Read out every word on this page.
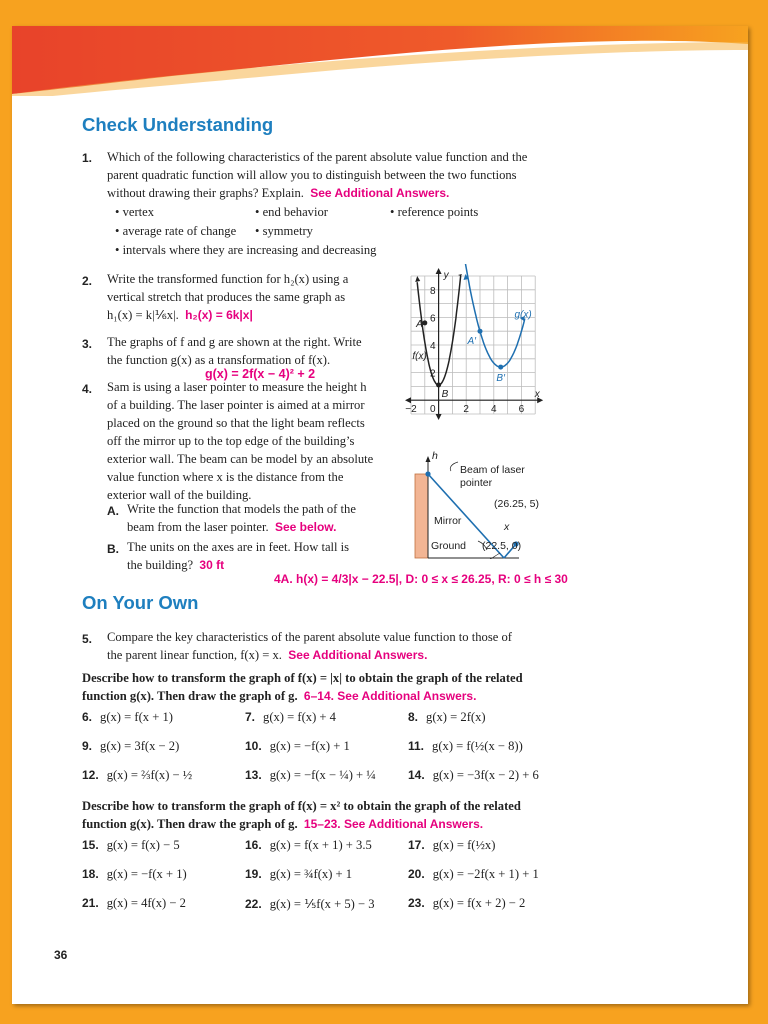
Check Understanding
1. Which of the following characteristics of the parent absolute value function and the
parent quadratic function will allow you to distinguish between the two functions
without drawing their graphs? Explain. See Additional Answers.
• vertex	• end behavior	• reference points
• average rate of change	• symmetry
• intervals where they are increasing and decreasing
2. Write the transformed function for h₂(x) using a
vertical stretch that produces the same graph as
h₁(x) = k|⅙x|. h₂(x) = 6k|x|
3. The graphs of f and g are shown at the right. Write
the function g(x) as a transformation of f(x).
g(x) = 2f(x − 4)² + 2
4. Sam is using a laser pointer to measure the height h
of a building. The laser pointer is aimed at a mirror
placed on the ground so that the light beam reflects
off the mirror up to the top edge of the building’s
exterior wall. The beam can be model by an absolute
value function where x is the distance from the
exterior wall of the building.
A. Write the function that models the path of the
beam from the laser pointer. See below.
B. The units on the axes are in feet. How tall is
the building? 30 ft
4A. h(x) = 4/3|x − 22.5|, D: 0 ≤ x ≤ 26.25, R: 0 ≤ h ≤ 30
−2 0	2 4 6
8
6
4
2
x
y
A
B
A′
B′
f(x)
g(x)
h
Beam of laser
pointer
(26.25, 5)
Mirror	x
Ground (22.5, 0)
On Your Own
5. Compare the key characteristics of the parent absolute value function to those of
the parent linear function, f(x) = x. See Additional Answers.
Describe how to transform the graph of f(x) = |x| to obtain the graph of the related
function g(x). Then draw the graph of g. 6–14. See Additional Answers.
6. g(x) = f(x + 1)	7. g(x) = f(x) + 4	8. g(x) = 2f(x)
9. g(x) = 3f(x − 2)	10. g(x) = −f(x) + 1	11. g(x) = f(½(x − 8))
12. g(x) = ⅔f(x) − ½	13. g(x) = −f(x − ¼) + ¼	14. g(x) = −3f(x − 2) + 6
Describe how to transform the graph of f(x) = x² to obtain the graph of the related
function g(x). Then draw the graph of g. 15–23. See Additional Answers.
15. g(x) = f(x) − 5	16. g(x) = f(x + 1) + 3.5	17. g(x) = f(½x)
18. g(x) = −f(x + 1)	19. g(x) = ¾f(x) + 1	20. g(x) = −2f(x + 1) + 1
21. g(x) = 4f(x) − 2	22. g(x) = ⅕f(x + 5) − 3	23. g(x) = f(x + 2) − 2
36
